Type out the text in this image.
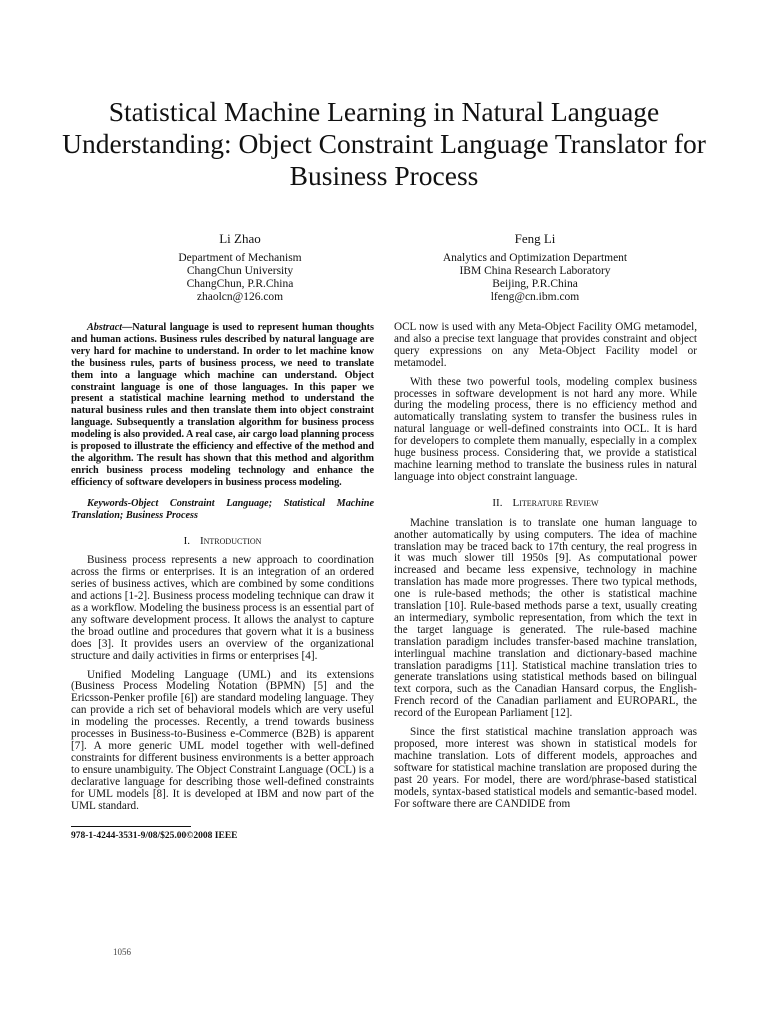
Statistical Machine Learning in Natural Language Understanding: Object Constraint Language Translator for Business Process
Li Zhao
Department of Mechanism
ChangChun University
ChangChun, P.R.China
zhaolcn@126.com
Feng Li
Analytics and Optimization Department
IBM China Research Laboratory
Beijing, P.R.China
lfeng@cn.ibm.com

Abstract—Natural language is used to represent human thoughts and human actions. Business rules described by natural language are very hard for machine to understand. In order to let machine know the business rules, parts of business process, we need to translate them into a language which machine can understand. Object constraint language is one of those languages. In this paper we present a statistical machine learning method to understand the natural business rules and then translate them into object constraint language. Subsequently a translation algorithm for business process modeling is also provided. A real case, air cargo load planning process is proposed to illustrate the efficiency and effective of the method and the algorithm. The result has shown that this method and algorithm enrich business process modeling technology and enhance the efficiency of software developers in business process modeling.

Keywords-Object Constraint Language; Statistical Machine Translation; Business Process

I. Introduction

Business process represents a new approach to coordination across the firms or enterprises. It is an integration of an ordered series of business actives, which are combined by some conditions and actions [1-2]. Business process modeling technique can draw it as a workflow. Modeling the business process is an essential part of any software development process. It allows the analyst to capture the broad outline and procedures that govern what it is a business does [3]. It provides users an overview of the organizational structure and daily activities in firms or enterprises [4].

Unified Modeling Language (UML) and its extensions (Business Process Modeling Notation (BPMN) [5] and the Ericsson-Penker profile [6]) are standard modeling language. They can provide a rich set of behavioral models which are very useful in modeling the processes. Recently, a trend towards business processes in Business-to-Business e-Commerce (B2B) is apparent [7]. A more generic UML model together with well-defined constraints for different business environments is a better approach to ensure unambiguity. The Object Constraint Language (OCL) is a declarative language for describing those well-defined constraints for UML models [8]. It is developed at IBM and now part of the UML standard.

OCL now is used with any Meta-Object Facility OMG metamodel, and also a precise text language that provides constraint and object query expressions on any Meta-Object Facility model or metamodel.

With these two powerful tools, modeling complex business processes in software development is not hard any more. While during the modeling process, there is no efficiency method and automatically translating system to transfer the business rules in natural language or well-defined constraints into OCL. It is hard for developers to complete them manually, especially in a complex huge business process. Considering that, we provide a statistical machine learning method to translate the business rules in natural language into object constraint language.

II. Literature Review

Machine translation is to translate one human language to another automatically by using computers. The idea of machine translation may be traced back to 17th century, the real progress in it was much slower till 1950s [9]. As computational power increased and became less expensive, technology in machine translation has made more progresses. There two typical methods, one is rule-based methods; the other is statistical machine translation [10]. Rule-based methods parse a text, usually creating an intermediary, symbolic representation, from which the text in the target language is generated. The rule-based machine translation paradigm includes transfer-based machine translation, interlingual machine translation and dictionary-based machine translation paradigms [11]. Statistical machine translation tries to generate translations using statistical methods based on bilingual text corpora, such as the Canadian Hansard corpus, the English-French record of the Canadian parliament and EUROPARL, the record of the European Parliament [12].

Since the first statistical machine translation approach was proposed, more interest was shown in statistical models for machine translation. Lots of different models, approaches and software for statistical machine translation are proposed during the past 20 years. For model, there are word/phrase-based statistical models, syntax-based statistical models and semantic-based model. For software there are CANDIDE from

978-1-4244-3531-9/08/$25.00©2008 IEEE
1056
